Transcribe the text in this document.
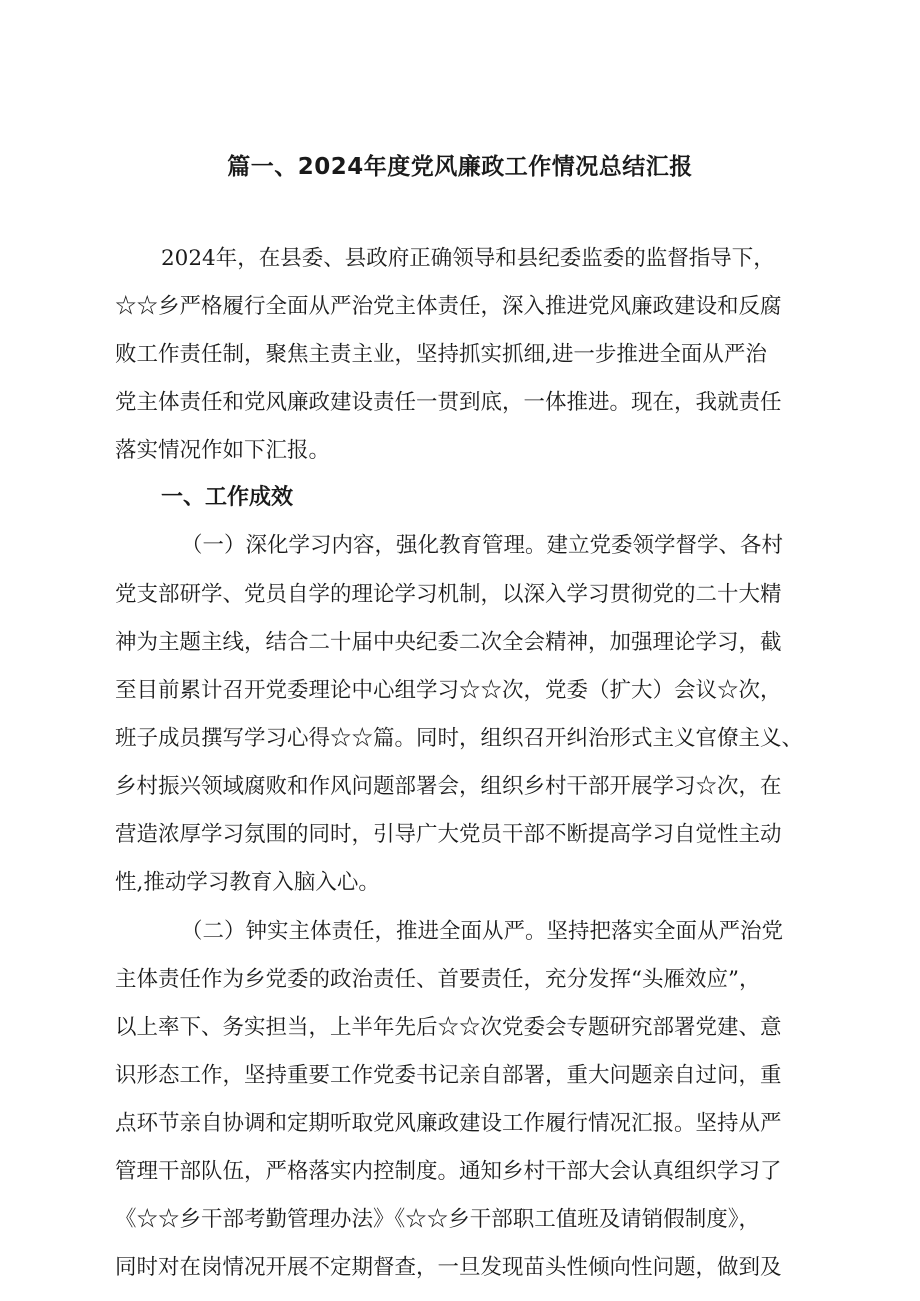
篇一、2024年度党风廉政工作情况总结汇报
2024年，在县委、县政府正确领导和县纪委监委的监督指导下，
☆☆乡严格履行全面从严治党主体责任，深入推进党风廉政建设和反腐
败工作责任制，聚焦主责主业，坚持抓实抓细,进一步推进全面从严治
党主体责任和党风廉政建设责任一贯到底，一体推进。现在，我就责任
落实情况作如下汇报。
一、工作成效
（一）深化学习内容，强化教育管理。建立党委领学督学、各村
党支部研学、党员自学的理论学习机制，以深入学习贯彻党的二十大精
神为主题主线，结合二十届中央纪委二次全会精神，加强理论学习，截
至目前累计召开党委理论中心组学习☆☆次，党委（扩大）会议☆次，
班子成员撰写学习心得☆☆篇。同时，组织召开纠治形式主义官僚主义、
乡村振兴领域腐败和作风问题部署会，组织乡村干部开展学习☆次，在
营造浓厚学习氛围的同时，引导广大党员干部不断提高学习自觉性主动
性,推动学习教育入脑入心。
（二）钟实主体责任，推进全面从严。坚持把落实全面从严治党
主体责任作为乡党委的政治责任、首要责任，充分发挥“头雁效应”，
以上率下、务实担当，上半年先后☆☆次党委会专题研究部署党建、意
识形态工作，坚持重要工作党委书记亲自部署，重大问题亲自过问，重
点环节亲自协调和定期听取党风廉政建设工作履行情况汇报。坚持从严
管理干部队伍，严格落实内控制度。通知乡村干部大会认真组织学习了
《☆☆乡干部考勤管理办法》《☆☆乡干部职工值班及请销假制度》，
同时对在岗情况开展不定期督查，一旦发现苗头性倾向性问题，做到及
